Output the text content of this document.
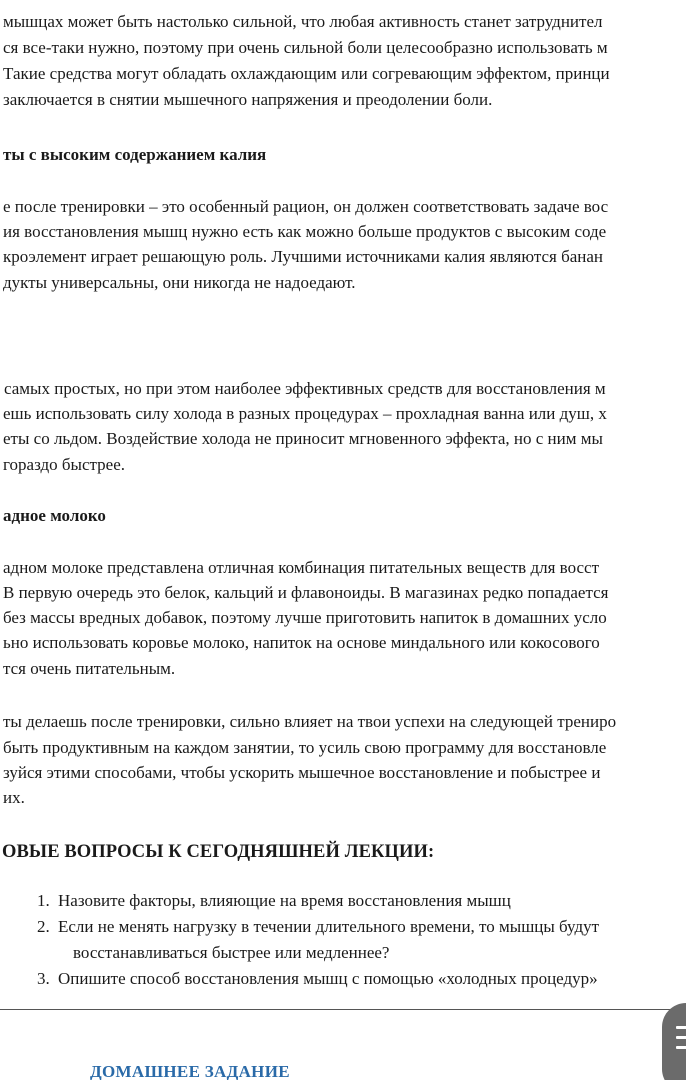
мышцах может быть настолько сильной, что любая активность станет затруднител
ся все-таки нужно, поэтому при очень сильной боли целесообразно использовать м
Такие средства могут обладать охлаждающим или согревающим эффектом, принци
заключается в снятии мышечного напряжения и преодолении боли.
ты с высоким содержанием калия
е после тренировки – это особенный рацион, он должен соответствовать задаче вос
ия восстановления мышц нужно есть как можно больше продуктов с высоким соде
кроэлемент играет решающую роль. Лучшими источниками калия являются банан
дукты универсальны, они никогда не надоедают.
самых простых, но при этом наиболее эффективных средств для восстановления м
ешь использовать силу холода в разных процедурах – прохладная ванна или душ, х
еты со льдом. Воздействие холода не приносит мгновенного эффекта, но с ним мы
гораздо быстрее.
адное молоко
адном молоке представлена отличная комбинация питательных веществ для восст
В первую очередь это белок, кальций и флавоноиды. В магазинах редко попадается
без массы вредных добавок, поэтому лучше приготовить напиток в домашних усло
ьно использовать коровье молоко, напиток на основе миндального или кокосового
тся очень питательным.
ты делаешь после тренировки, сильно влияет на твои успехи на следующей трениро
быть продуктивным на каждом занятии, то усиль свою программу для восстановле
зуйся этими способами, чтобы ускорить мышечное восстановление и побыстрее и
их.
ОВЫЕ ВОПРОСЫ К СЕГОДНЯШНЕЙ ЛЕКЦИИ:
1. Назовите факторы, влияющие на время восстановления мышц
2. Если не менять нагрузку в течении длительного времени, то мышцы будут
восстанавливаться быстрее или медленнее?
3. Опишите способ восстановления мышц с помощью «холодных процедур»
ДОМАШНЕЕ ЗАДАНИЕ
